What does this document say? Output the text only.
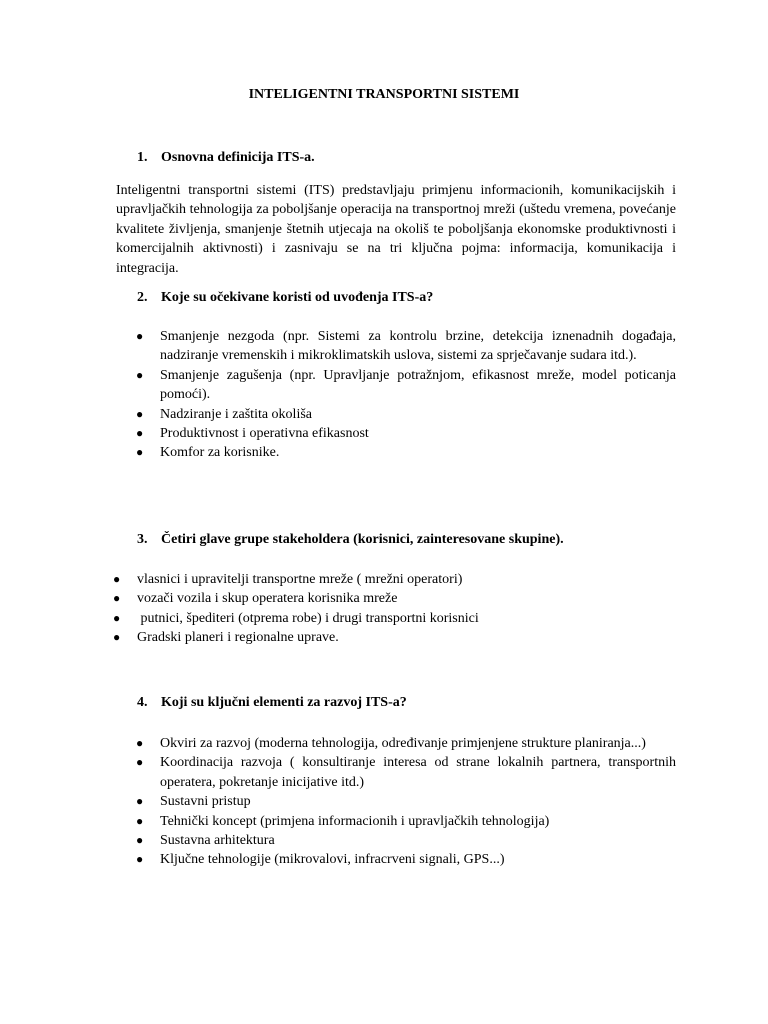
INTELIGENTNI TRANSPORTNI SISTEMI
1. Osnovna definicija ITS-a.

Inteligentni transportni sistemi (ITS) predstavljaju primjenu informacionih, komunikacijskih i upravljačkih tehnologija za poboljšanje operacija na transportnoj mreži (uštedu vremena, povećanje kvalitete življenja, smanjenje štetnih utjecaja na okoliš te poboljšanja ekonomske produktivnosti i komercijalnih aktivnosti) i zasnivaju se na tri ključna pojma: informacija, komunikacija i integracija.

2. Koje su očekivane koristi od uvođenja ITS-a?
● Smanjenje nezgoda (npr. Sistemi za kontrolu brzine, detekcija iznenadnih događaja, nadziranje vremenskih i mikroklimatskih uslova, sistemi za sprječavanje sudara itd.).
● Smanjenje zagušenja (npr. Upravljanje potražnjom, efikasnost mreže, model poticanja pomoći).
● Nadziranje i zaštita okoliša
● Produktivnost i operativna efikasnost
● Komfor za korisnike.
3. Četiri glave grupe stakeholdera (korisnici, zainteresovane skupine).
● vlasnici i upravitelji transportne mreže ( mrežni operatori)
● vozači vozila i skup operatera korisnika mreže
● putnici, špediteri (otprema robe) i drugi transportni korisnici
● Gradski planeri i regionalne uprave.
4. Koji su ključni elementi za razvoj ITS-a?
● Okviri za razvoj (moderna tehnologija, određivanje primjenjene strukture planiranja...)
● Koordinacija razvoja ( konsultiranje interesa od strane lokalnih partnera, transportnih operatera, pokretanje inicijative itd.)
● Sustavni pristup
● Tehnički koncept (primjena informacionih i upravljačkih tehnologija)
● Sustavna arhitektura
● Ključne tehnologije (mikrovalovi, infracrveni signali, GPS...)
